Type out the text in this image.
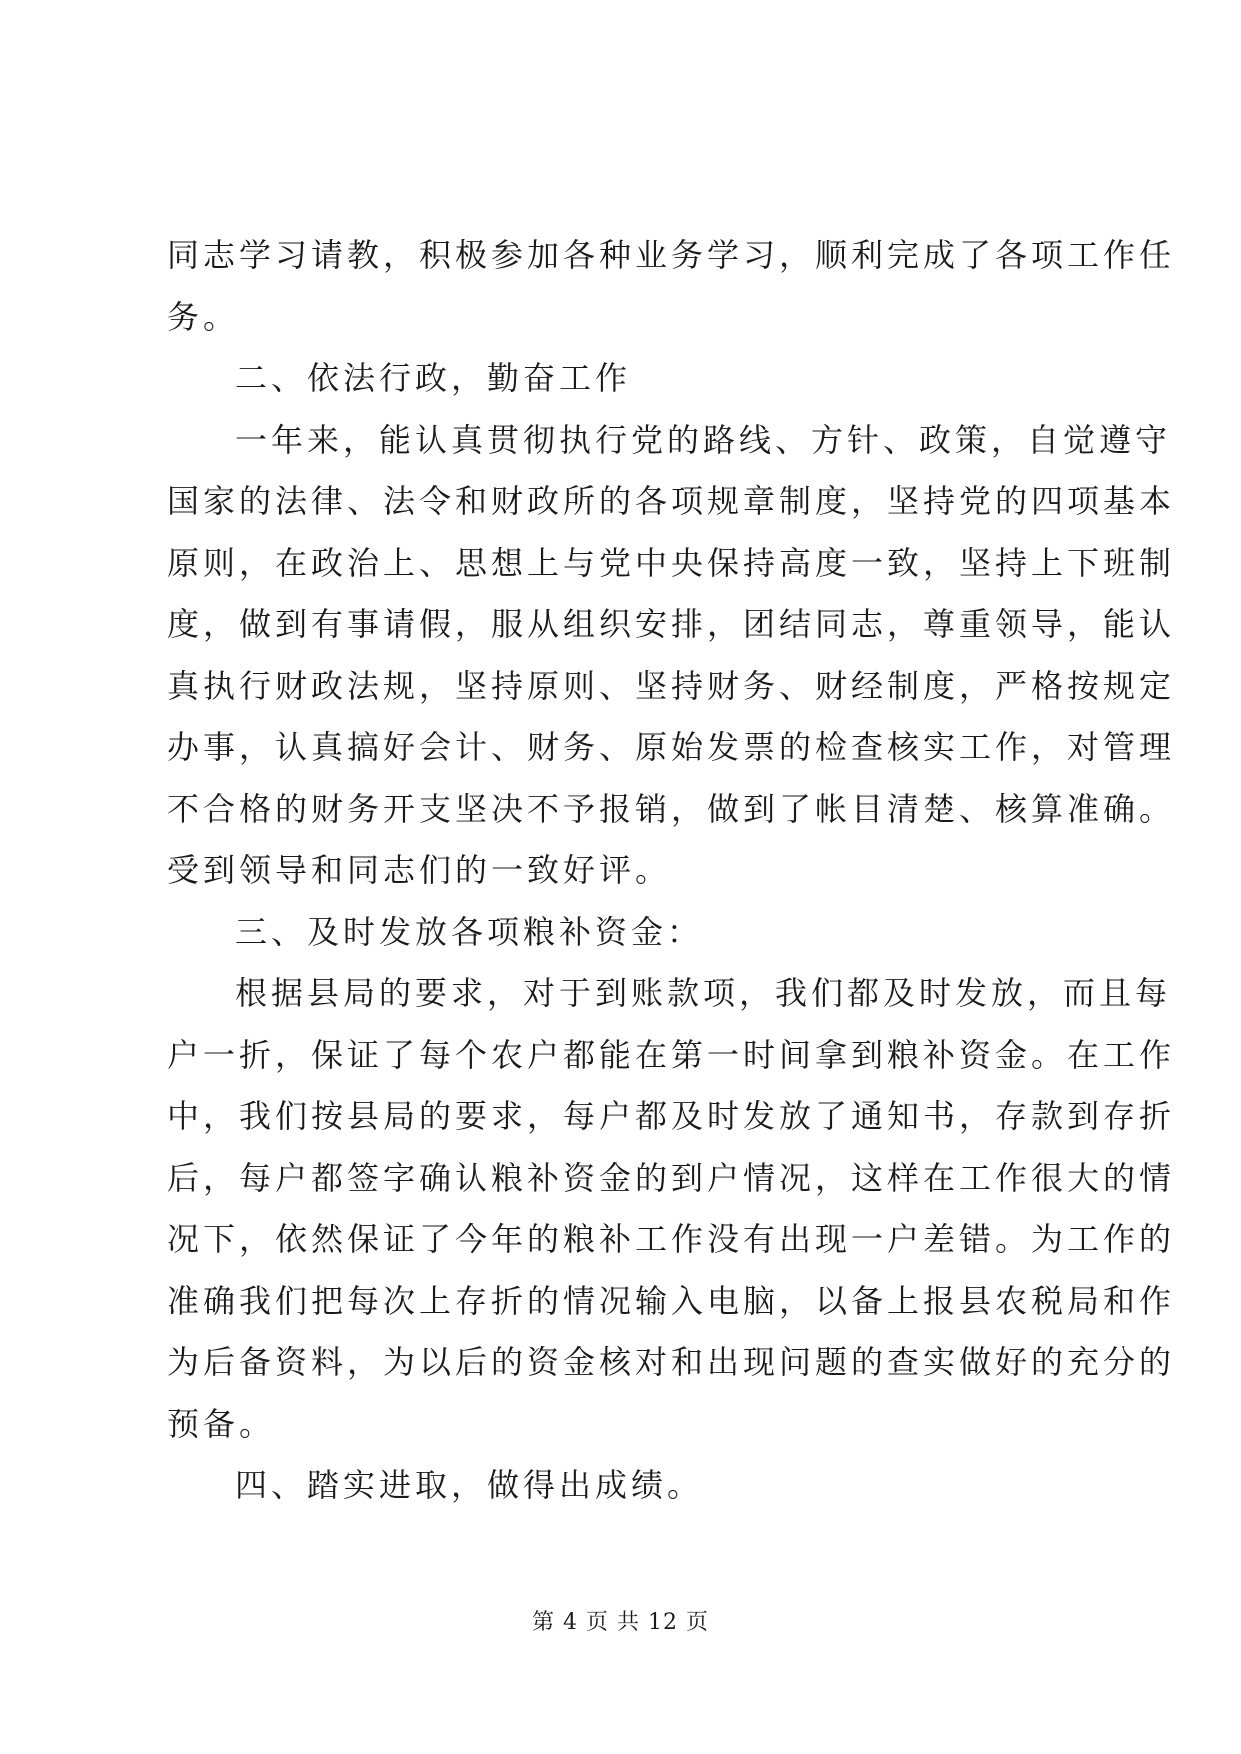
同志学习请教，积极参加各种业务学习，顺利完成了各项工作任
务。
二、依法行政，勤奋工作
一年来，能认真贯彻执行党的路线、方针、政策，自觉遵守
国家的法律、法令和财政所的各项规章制度，坚持党的四项基本
原则，在政治上、思想上与党中央保持高度一致，坚持上下班制
度，做到有事请假，服从组织安排，团结同志，尊重领导，能认
真执行财政法规，坚持原则、坚持财务、财经制度，严格按规定
办事，认真搞好会计、财务、原始发票的检查核实工作，对管理
不合格的财务开支坚决不予报销，做到了帐目清楚、核算准确。
受到领导和同志们的一致好评。
三、及时发放各项粮补资金：
根据县局的要求，对于到账款项，我们都及时发放，而且每
户一折，保证了每个农户都能在第一时间拿到粮补资金。在工作
中，我们按县局的要求，每户都及时发放了通知书，存款到存折
后，每户都签字确认粮补资金的到户情况，这样在工作很大的情
况下，依然保证了今年的粮补工作没有出现一户差错。为工作的
准确我们把每次上存折的情况输入电脑，以备上报县农税局和作
为后备资料，为以后的资金核对和出现问题的查实做好的充分的
预备。
四、踏实进取，做得出成绩。
第 4 页 共 12 页
